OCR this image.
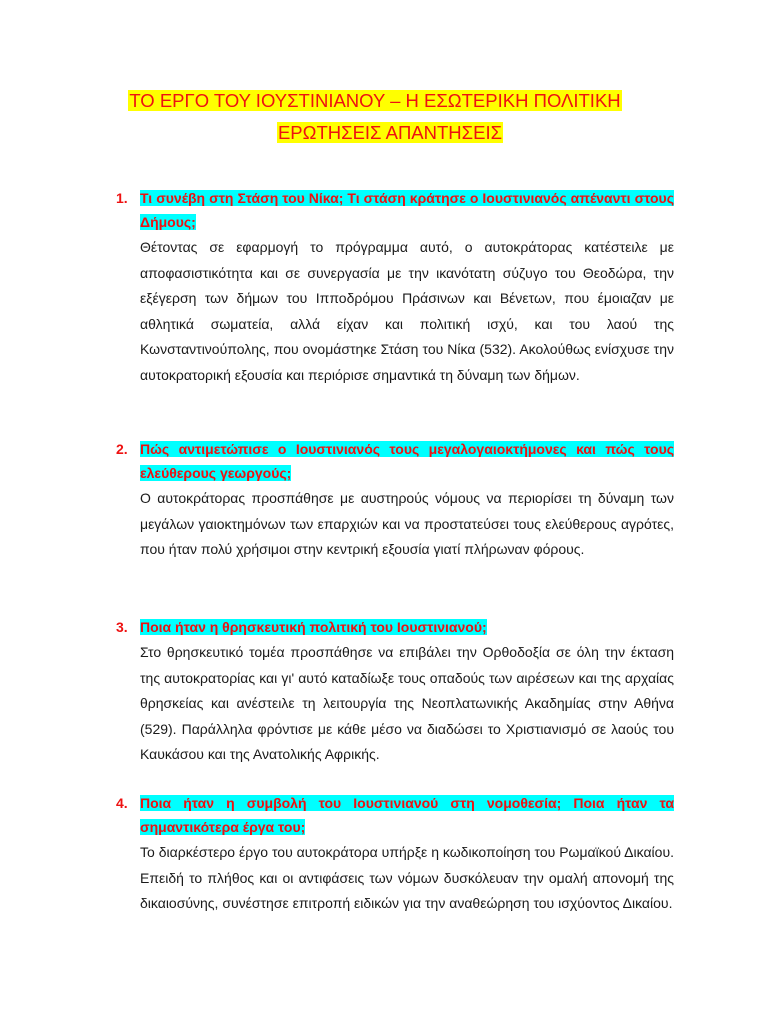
ΤΟ ΕΡΓΟ ΤΟΥ ΙΟΥΣΤΙΝΙΑΝΟΥ – Η ΕΣΩΤΕΡΙΚΗ ΠΟΛΙΤΙΚΗ
ΕΡΩΤΗΣΕΙΣ ΑΠΑΝΤΗΣΕΙΣ
1. Τι συνέβη στη Στάση του Νίκα; Τι στάση κράτησε ο Ιουστινιανός απέναντι στους Δήμους;
Θέτοντας σε εφαρμογή το πρόγραμμα αυτό, ο αυτοκράτορας κατέστειλε με αποφασιστικότητα και σε συνεργασία με την ικανότατη σύζυγο του Θεοδώρα, την εξέγερση των δήμων του Ιπποδρόμου Πράσινων και Βένετων, που έμοιαζαν με αθλητικά σωματεία, αλλά είχαν και πολιτική ισχύ, και του λαού της Κωνσταντινούπολης, που ονομάστηκε Στάση του Νίκα (532). Ακολούθως ενίσχυσε την αυτοκρατορική εξουσία και περιόρισε σημαντικά τη δύναμη των δήμων.
2. Πώς αντιμετώπισε ο Ιουστινιανός τους μεγαλογαιοκτήμονες και πώς τους ελεύθερους γεωργούς;
Ο αυτοκράτορας προσπάθησε με αυστηρούς νόμους να περιορίσει τη δύναμη των μεγάλων γαιοκτημόνων των επαρχιών και να προστατεύσει τους ελεύθερους αγρότες, που ήταν πολύ χρήσιμοι στην κεντρική εξουσία γιατί πλήρωναν φόρους.
3. Ποια ήταν η θρησκευτική πολιτική του Ιουστινιανού;
Στο θρησκευτικό τομέα προσπάθησε να επιβάλει την Ορθοδοξία σε όλη την έκταση της αυτοκρατορίας και γι' αυτό καταδίωξε τους οπαδούς των αιρέσεων και της αρχαίας θρησκείας και ανέστειλε τη λειτουργία της Νεοπλατωνικής Ακαδημίας στην Αθήνα (529). Παράλληλα φρόντισε με κάθε μέσο να διαδώσει το Χριστιανισμό σε λαούς του Καυκάσου και της Ανατολικής Αφρικής.
4. Ποια ήταν η συμβολή του Ιουστινιανού στη νομοθεσία; Ποια ήταν τα σημαντικότερα έργα του;
Το διαρκέστερο έργο του αυτοκράτορα υπήρξε η κωδικοποίηση του Ρωμαϊκού Δικαίου. Επειδή το πλήθος και οι αντιφάσεις των νόμων δυσκόλευαν την ομαλή απονομή της δικαιοσύνης, συνέστησε επιτροπή ειδικών για την αναθεώρηση του ισχύοντος Δικαίου.
